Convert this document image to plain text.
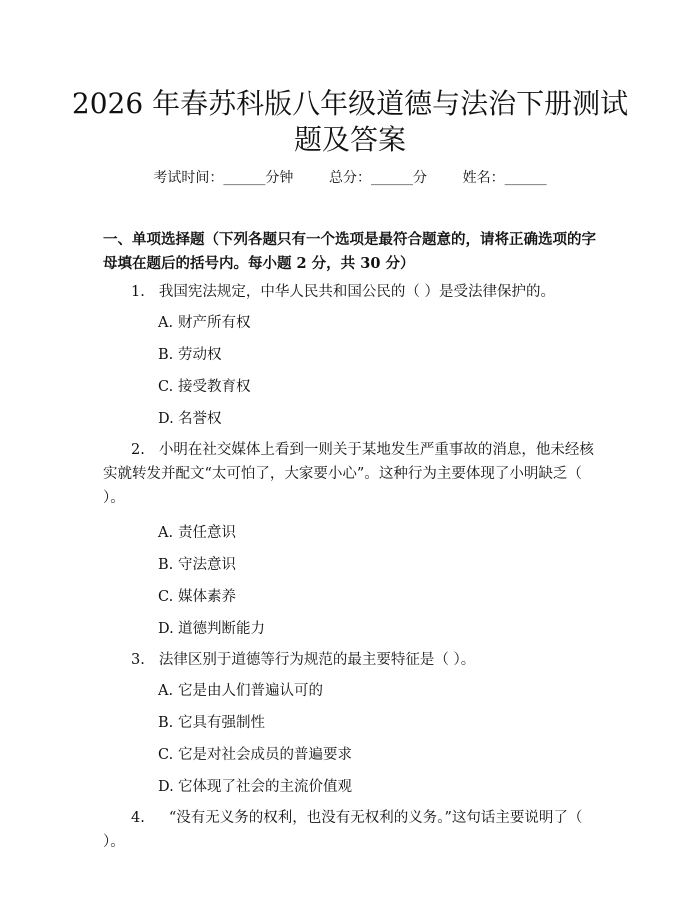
2026 年春苏科版八年级道德与法治下册测试
题及答案
考试时间：______分钟	总分：______分	姓名：______

一、单项选择题（下列各题只有一个选项是最符合题意的，请将正确选项的字母填在题后的括号内。每小题 2 分，共 30 分）

1. 我国宪法规定，中华人民共和国公民的（ ）是受法律保护的。

A. 财产所有权
B. 劳动权
C. 接受教育权
D. 名誉权

2. 小明在社交媒体上看到一则关于某地发生严重事故的消息，他未经核实就转发并配文“太可怕了，大家要小心”。这种行为主要体现了小明缺乏（ ）。

A. 责任意识
B. 守法意识
C. 媒体素养
D. 道德判断能力

3. 法律区别于道德等行为规范的最主要特征是（ ）。

A. 它是由人们普遍认可的
B. 它具有强制性
C. 它是对社会成员的普遍要求
D. 它体现了社会的主流价值观

4. “没有无义务的权利，也没有无权利的义务。”这句话主要说明了（ ）。
